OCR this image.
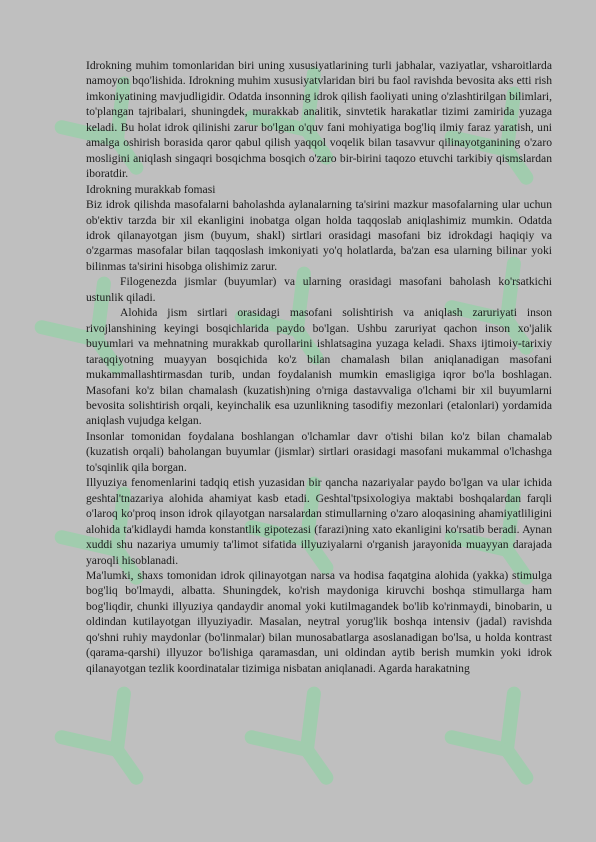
Idrokning muhim tomonlaridan biri uning xususiyatlarining turli jabhalar, vaziyatlar, vsharoitlarda namoyon bqo'lishida. Idrokning muhim xususiyatvlaridan biri bu faol ravishda bevosita aks etti rish imkoniyatining mavjudligidir. Odatda insonning idrok qilish faoliyati uning o'zlashtirilgan bilimlari, to'plangan tajribalari, shuningdek, murakkab analitik, sinvtetik harakatlar tizimi zamirida yuzaga keladi. Bu holat idrok qilinishi zarur bo'lgan o'quv fani mohiyatiga bog'liq ilmiy faraz yaratish, uni amalga oshirish borasida qaror qabul qilish yaqqol voqelik bilan tasavvur qilinayotganining o'zaro mosligini aniqlash singaqri bosqichma bosqich o'zaro bir-birini taqozo etuvchi tarkibiy qismslardan iboratdir.

Idrokning murakkab fomasi

Biz idrok qilishda masofalarni baholashda aylanalarning ta'sirini mazkur masofalarning ular uchun ob'ektiv tarzda bir xil ekanligini inobatga olgan holda taqqoslab aniqlashimiz mumkin. Odatda idrok qilanayotgan jism (buyum, shakl) sirtlari orasidagi masofani biz idrokdagi haqiqiy va o'zgarmas masofalar bilan taqqoslash imkoniyati yo'q holatlarda, ba'zan esa ularning bilinar yoki bilinmas ta'sirini hisobga olishimiz zarur.

Filogenezda jismlar (buyumlar) va ularning orasidagi masofani baholash ko'rsatkichi ustunlik qiladi.

Alohida jism sirtlari orasidagi masofani solishtirish va aniqlash zaruriyati inson rivojlanshining keyingi bosqichlarida paydo bo'lgan. Ushbu zaruriyat qachon inson xo'jalik buyumlari va mehnatning murakkab qurollarini ishlatsagina yuzaga keladi. Shaxs ijtimoiy-tarixiy taraqqiyotning muayyan bosqichida ko'z bilan chamalash bilan aniqlanadigan masofani mukammallashtirmasdan turib, undan foydalanish mumkin emasligiga iqror bo'la boshlagan. Masofani ko'z bilan chamalash (kuzatish)ning o'rniga dastavvaliga o'lchami bir xil buyumlarni bevosita solishtirish orqali, keyinchalik esa uzunlikning tasodifiy mezonlari (etalonlari) yordamida aniqlash vujudga kelgan.

Insonlar tomonidan foydalana boshlangan o'lchamlar davr o'tishi bilan ko'z bilan chamalab (kuzatish orqali) baholangan buyumlar (jismlar) sirtlari orasidagi masofani mukammal o'lchashga to'sqinlik qila borgan.

Illyuziya fenomenlarini tadqiq etish yuzasidan bir qancha nazariyalar paydo bo'lgan va ular ichida geshtal'tnazariya alohida ahamiyat kasb etadi. Geshtal'tpsixologiya maktabi boshqalardan farqli o'laroq ko'proq inson idrok qilayotgan narsalardan stimullarning o'zaro aloqasining ahamiyatliligini alohida ta'kidlaydi hamda konstantlik gipotezasi (farazi)ning xato ekanligini ko'rsatib beradi. Aynan xuddi shu nazariya umumiy ta'limot sifatida illyuziyalarni o'rganish jarayonida muayyan darajada yaroqli hisoblanadi.

Ma'lumki, shaxs tomonidan idrok qilinayotgan narsa va hodisa faqatgina alohida (yakka) stimulga bog'liq bo'lmaydi, albatta. Shuningdek, ko'rish maydoniga kiruvchi boshqa stimullarga ham bog'liqdir, chunki illyuziya qandaydir anomal yoki kutilmagandek bo'lib ko'rinmaydi, binobarin, u oldindan kutilayotgan illyuziyadir. Masalan, neytral yorug'lik boshqa intensiv (jadal) ravishda qo'shni ruhiy maydonlar (bo'linmalar) bilan munosabatlarga asoslanadigan bo'lsa, u holda kontrast (qarama-qarshi) illyuzor bo'lishiga qaramasdan, uni oldindan aytib berish mumkin yoki idrok qilanayotgan tezlik koordinatalar tizimiga nisbatan aniqlanadi. Agarda harakatning
